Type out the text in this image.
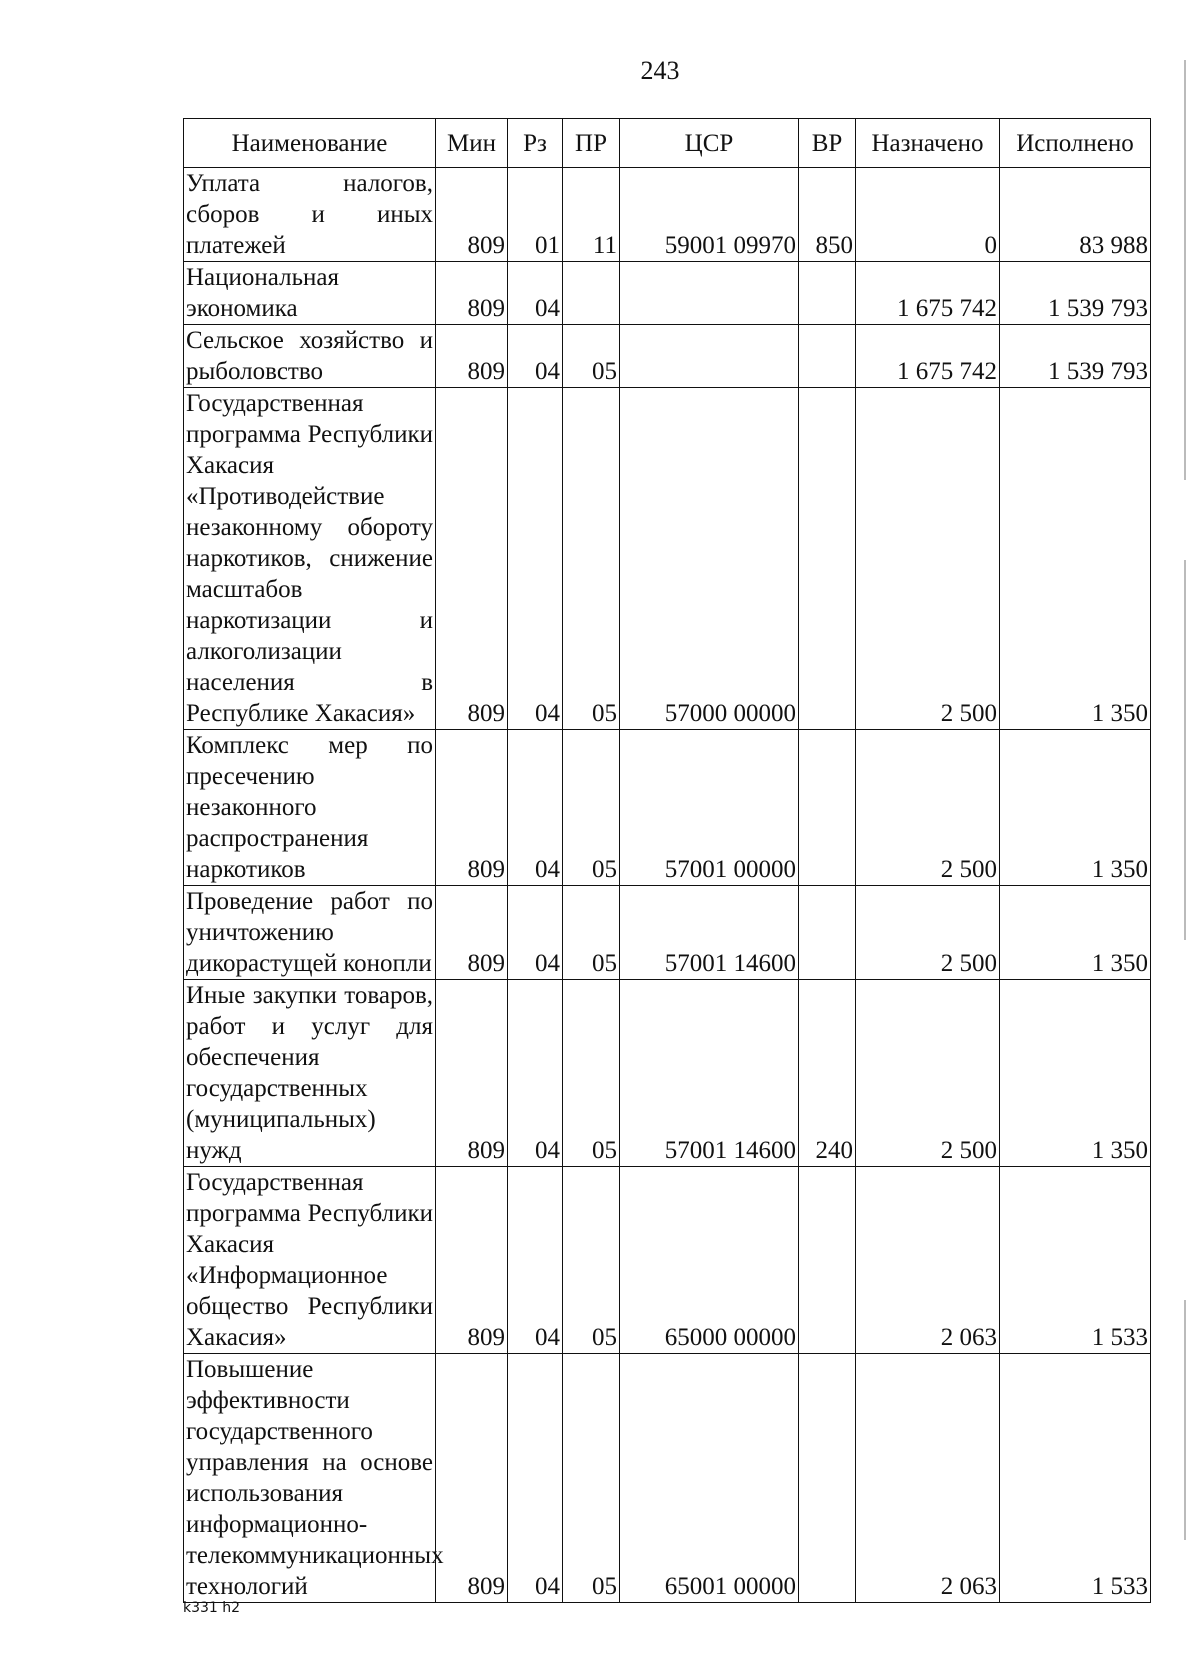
243
Наименование	Мин	Рз	ПР	ЦСР	ВР	Назначено	Исполнено
Уплата налогов, сборов и иных платежей	809	01	11	59001 09970	850	0	83 988
Национальная экономика	809	04				1 675 742	1 539 793
Сельское хозяйство и рыболовство	809	04	05			1 675 742	1 539 793
Государственная программа Республики Хакасия «Противодействие незаконному обороту наркотиков, снижение масштабов наркотизации и алкоголизации населения в Республике Хакасия»	809	04	05	57000 00000		2 500	1 350
Комплекс мер по пресечению незаконного распространения наркотиков	809	04	05	57001 00000		2 500	1 350
Проведение работ по уничтожению дикорастущей конопли	809	04	05	57001 14600		2 500	1 350
Иные закупки товаров, работ и услуг для обеспечения государственных (муниципальных) нужд	809	04	05	57001 14600	240	2 500	1 350
Государственная программа Республики Хакасия «Информационное общество Республики Хакасия»	809	04	05	65000 00000		2 063	1 533
Повышение эффективности государственного управления на основе использования информационно-телекоммуникационных технологий	809	04	05	65001 00000		2 063	1 533
k331 h2
